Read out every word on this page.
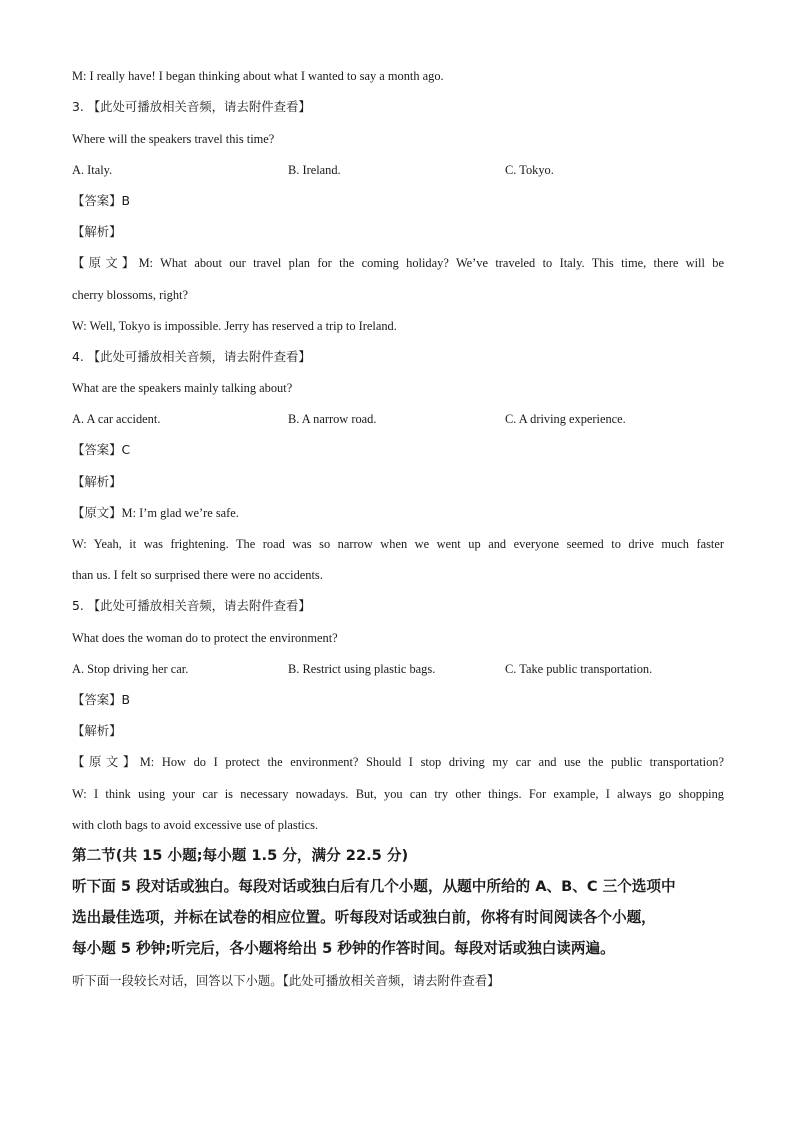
M: I really have! I began thinking about what I wanted to say a month ago.
3. 【此处可播放相关音频，请去附件查看】
Where will the speakers travel this time?
A. Italy.	B. Ireland.	C. Tokyo.
【答案】B
【解析】
【原文】M: What about our travel plan for the coming holiday? We’ve traveled to Italy. This time, there will be
cherry blossoms, right?
W: Well, Tokyo is impossible. Jerry has reserved a trip to Ireland.
4. 【此处可播放相关音频，请去附件查看】
What are the speakers mainly talking about?
A. A car accident.	B. A narrow road.	C. A driving experience.
【答案】C
【解析】
【原文】M: I’m glad we’re safe.
W: Yeah, it was frightening. The road was so narrow when we went up and everyone seemed to drive much faster
than us. I felt so surprised there were no accidents.
5. 【此处可播放相关音频，请去附件查看】
What does the woman do to protect the environment?
A. Stop driving her car.	B. Restrict using plastic bags.	C. Take public transportation.
【答案】B
【解析】
【原文】M: How do I protect the environment? Should I stop driving my car and use the public transportation?
W: I think using your car is necessary nowadays. But, you can try other things. For example, I always go shopping
with cloth bags to avoid excessive use of plastics.
第二节(共 15 小题;每小题 1.5 分，满分 22.5 分)
听下面 5 段对话或独白。每段对话或独白后有几个小题，从题中所给的 A、B、C 三个选项中
选出最佳选项，并标在试卷的相应位置。听每段对话或独白前，你将有时间阅读各个小题，
每小题 5 秒钟;听完后，各小题将给出 5 秒钟的作答时间。每段对话或独白读两遍。
听下面一段较长对话，回答以下小题。【此处可播放相关音频，请去附件查看】
